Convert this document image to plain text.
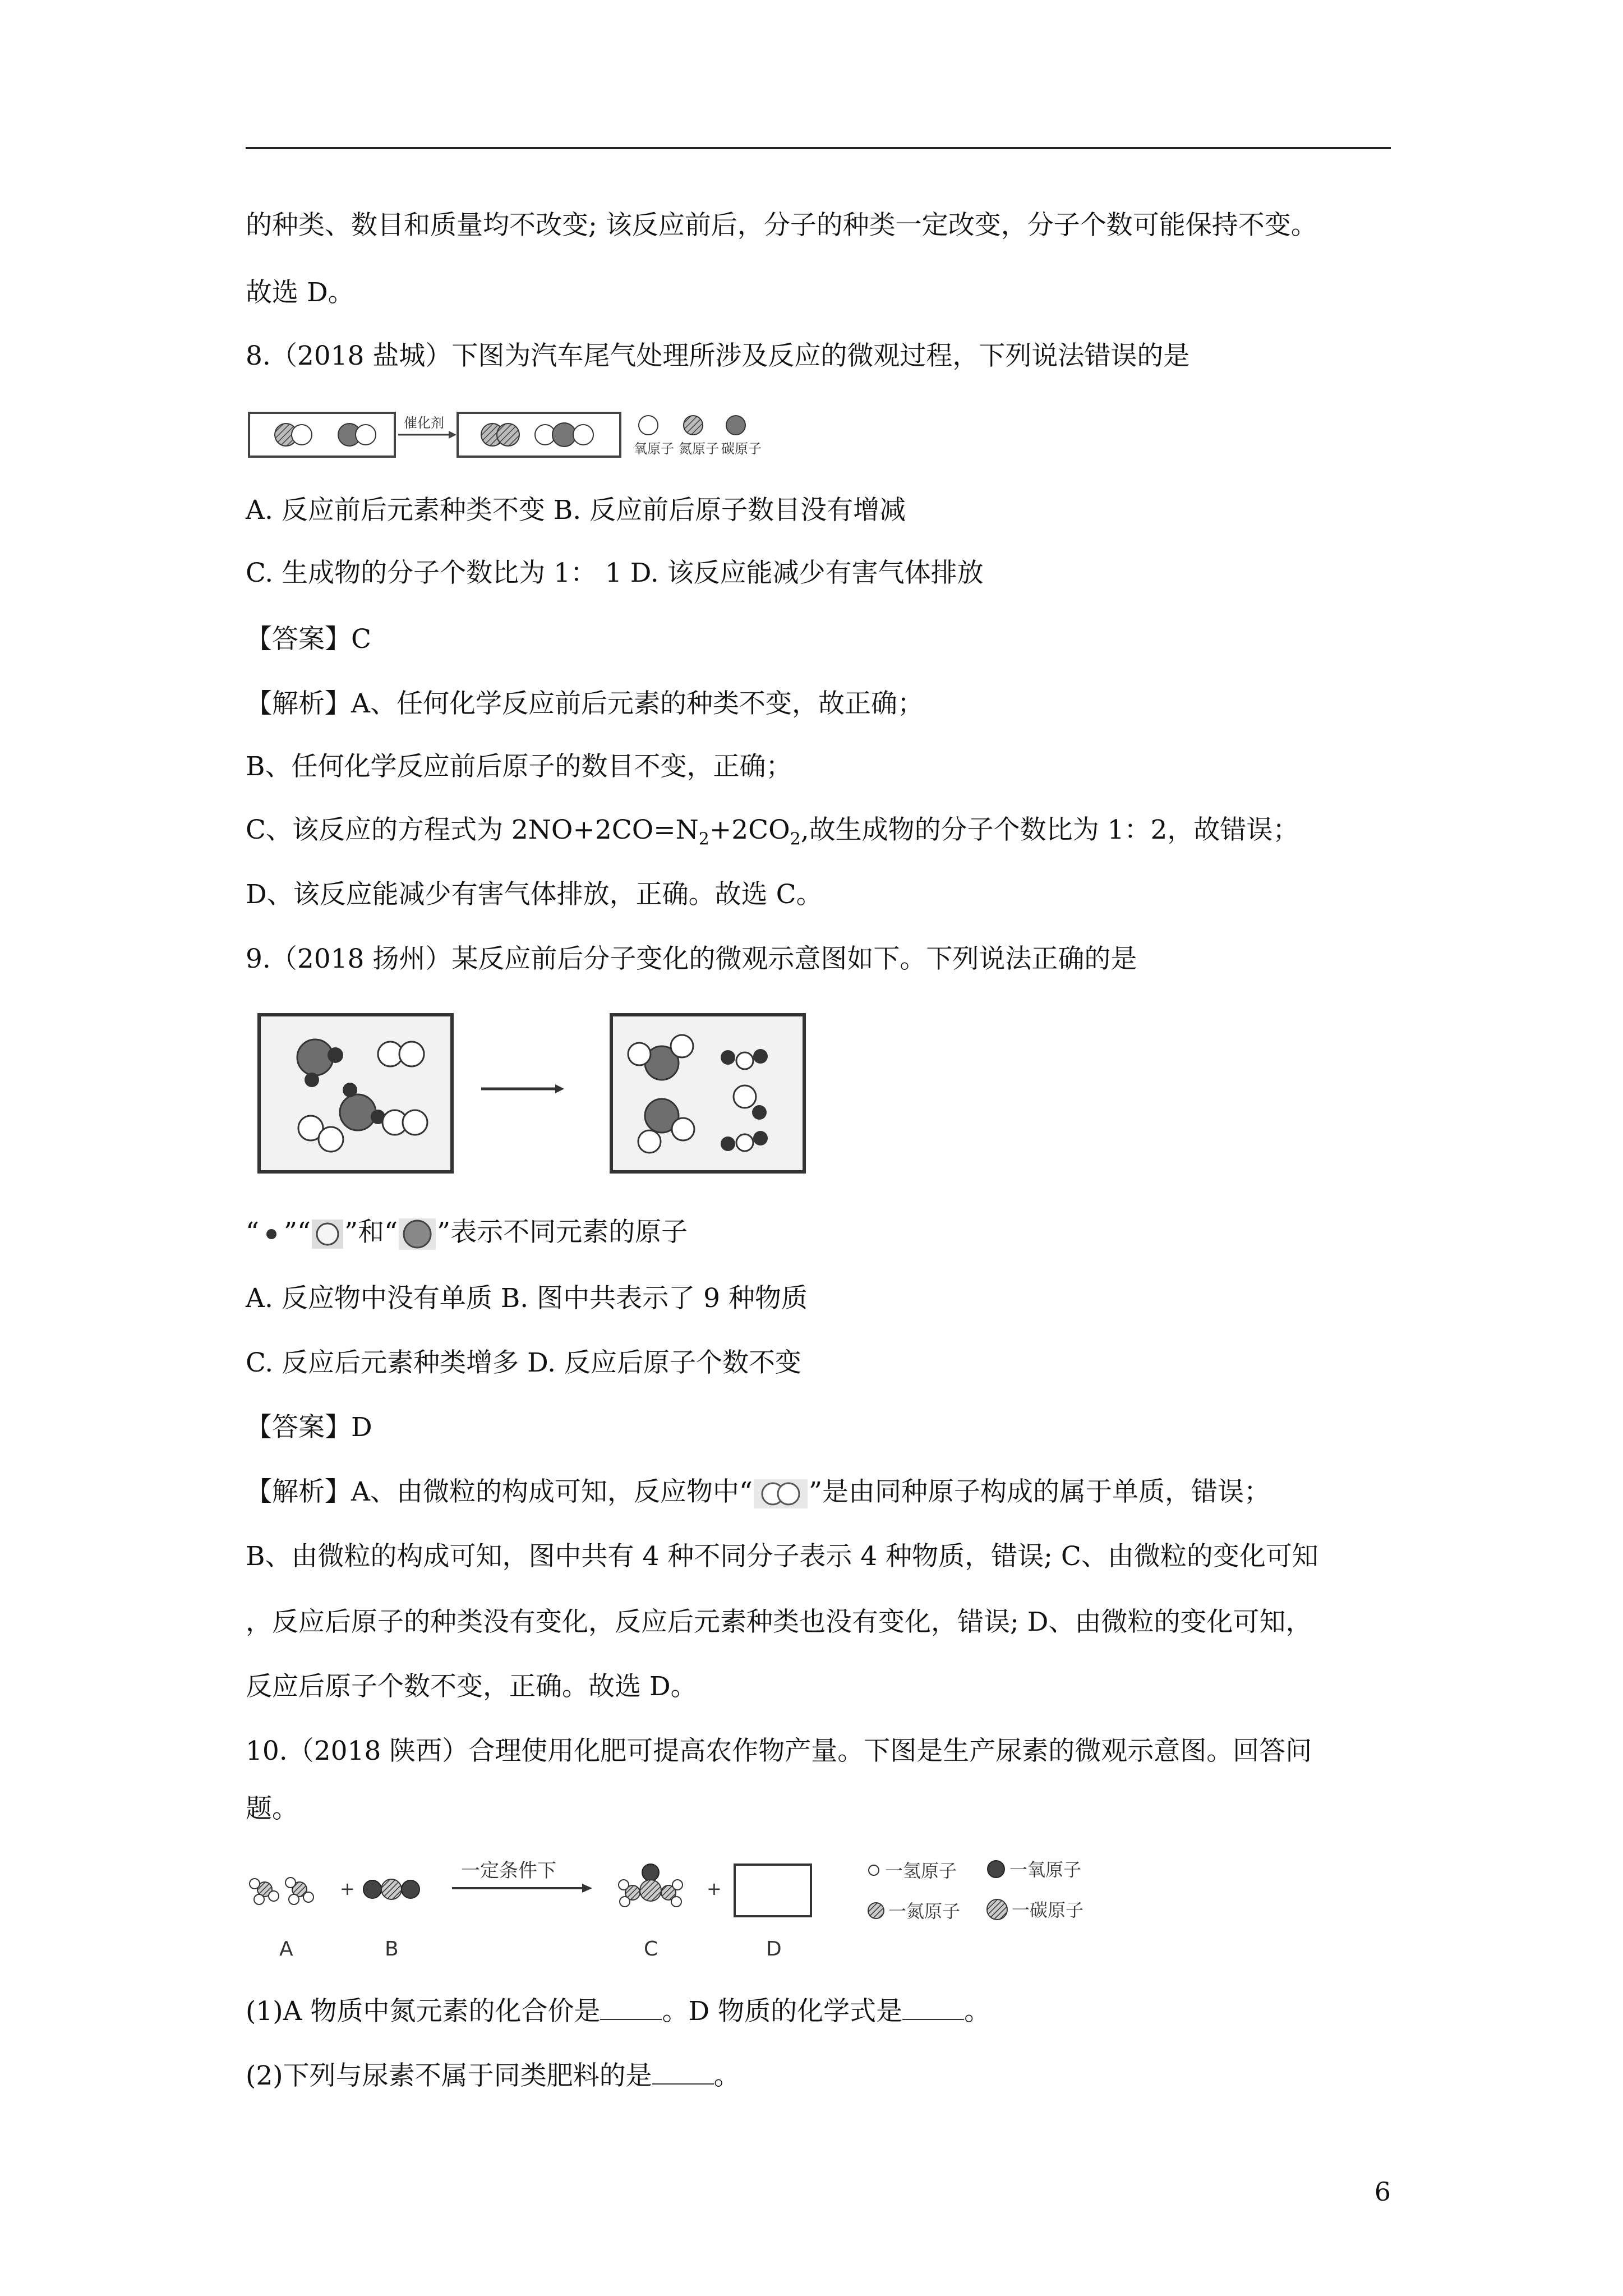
的种类、数目和质量均不改变; 该反应前后，分子的种类一定改变，分子个数可能保持不变。
故选 D。
8.（2018 盐城）下图为汽车尾气处理所涉及反应的微观过程，下列说法错误的是
催化剂
氧原子 氮原子 碳原子
A. 反应前后元素种类不变 B. 反应前后原子数目没有增减
C. 生成物的分子个数比为 1： 1 D. 该反应能减少有害气体排放
【答案】C
【解析】A、任何化学反应前后元素的种类不变，故正确；
B、任何化学反应前后原子的数目不变，正确；
C、该反应的方程式为 $2NO+2CO=N_2+2CO_2$,故生成物的分子个数比为 1：2，故错误；
D、该反应能减少有害气体排放，正确。故选 C。
9.（2018 扬州）某反应前后分子变化的微观示意图如下。下列说法正确的是
“ ”“ ”和“ ”表示不同元素的原子
A. 反应物中没有单质 B. 图中共表示了 9 种物质
C. 反应后元素种类增多 D. 反应后原子个数不变
【答案】D
【解析】A、由微粒的构成可知，反应物中“ ”是由同种原子构成的属于单质，错误；
B、由微粒的构成可知，图中共有 4 种不同分子表示 4 种物质，错误; C、由微粒的变化可知
，反应后原子的种类没有变化，反应后元素种类也没有变化，错误; D、由微粒的变化可知，
反应后原子个数不变，正确。故选 D。
10.（2018 陕西）合理使用化肥可提高农作物产量。下图是生产尿素的微观示意图。回答问
题。
+
一定条件下
+
A	B	C	D
一氢原子	一氧原子
一氮原子	一碳原子
(1)A 物质中氮元素的化合价是 。D 物质的化学式是 。
(2)下列与尿素不属于同类肥料的是 。
6
